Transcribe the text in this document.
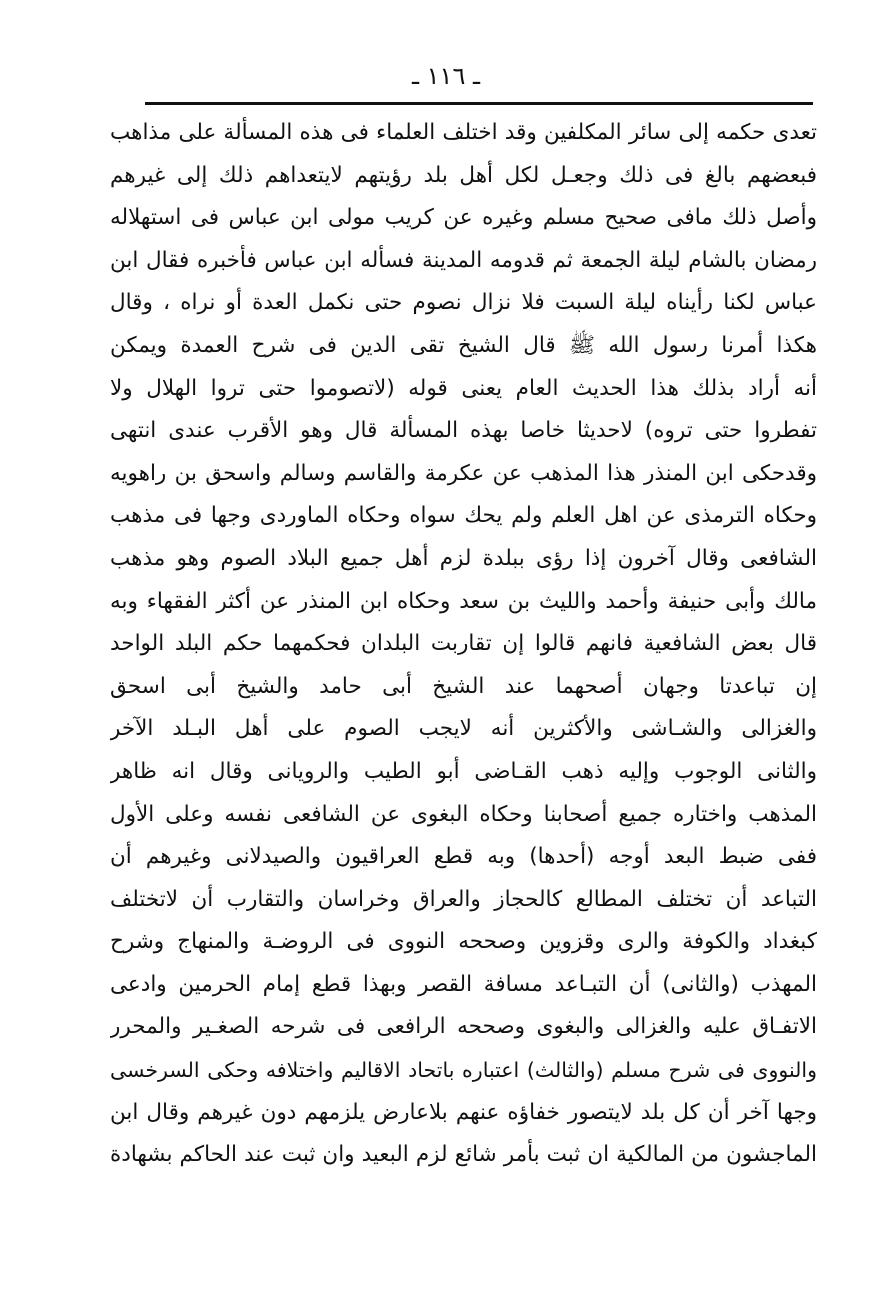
ـ ١١٦ ـ
تعدى حكمه إلى سائر المكلفين وقد اختلف العلماء فى هذه المسألة على مذاهب
فبعضهم بالغ فى ذلك وجعـل لكل أهل بلد رؤيتهم لايتعداهم ذلك إلى غيرهم
وأصل ذلك مافى صحيح مسلم وغيره عن كريب مولى ابن عباس فى استهلاله
رمضان بالشام ليلة الجمعة ثم قدومه المدينة فسأله ابن عباس فأخبره فقال ابن
عباس لكنا رأيناه ليلة السبت فلا نزال نصوم حتى نكمل العدة أو نراه ، وقال
هكذا أمرنا رسول الله ﷺ قال الشيخ تقى الدين فى شرح العمدة ويمكن
أنه أراد بذلك هذا الحديث العام يعنى قوله (لاتصوموا حتى تروا الهلال ولا
تفطروا حتى تروه) لاحديثا خاصا بهذه المسألة قال وهو الأقرب عندى انتهى
وقدحكى ابن المنذر هذا المذهب عن عكرمة والقاسم وسالم واسحق بن راهويه
وحكاه الترمذى عن اهل العلم ولم يحك سواه وحكاه الماوردى وجها فى مذهب
الشافعى وقال آخرون إذا رؤى ببلدة لزم أهل جميع البلاد الصوم وهو مذهب
مالك وأبى حنيفة وأحمد والليث بن سعد وحكاه ابن المنذر عن أكثر الفقهاء وبه
قال بعض الشافعية فانهم قالوا إن تقاربت البلدان فحكمهما حكم البلد الواحد
إن تباعدتا وجهان أصحهما عند الشيخ أبى حامد والشيخ أبى اسحق
والغزالى والشـاشى والأكثرين أنه لايجب الصوم على أهل البـلد الآخر
والثانى الوجوب وإليه ذهب القـاضى أبو الطيب والرويانى وقال انه ظاهر
المذهب واختاره جميع أصحابنا وحكاه البغوى عن الشافعى نفسه وعلى الأول
ففى ضبط البعد أوجه (أحدها) وبه قطع العراقيون والصيدلانى وغيرهم أن
التباعد أن تختلف المطالع كالحجاز والعراق وخراسان والتقارب أن لاتختلف
كبغداد والكوفة والرى وقزوين وصححه النووى فى الروضـة والمنهاج وشرح
المهذب (والثانى) أن التبـاعد مسافة القصر وبهذا قطع إمام الحرمين وادعى
الاتفـاق عليه والغزالى والبغوى وصححه الرافعى فى شرحه الصغـير والمحرر
والنووى فى شرح مسلم (والثالث) اعتباره باتحاد الاقاليم واختلافه وحكى السرخسى
وجها آخر أن كل بلد لايتصور خفاؤه عنهم بلاعارض يلزمهم دون غيرهم وقال ابن
الماجشون من المالكية ان ثبت بأمر شائع لزم البعيد وان ثبت عند الحاكم بشهادة
